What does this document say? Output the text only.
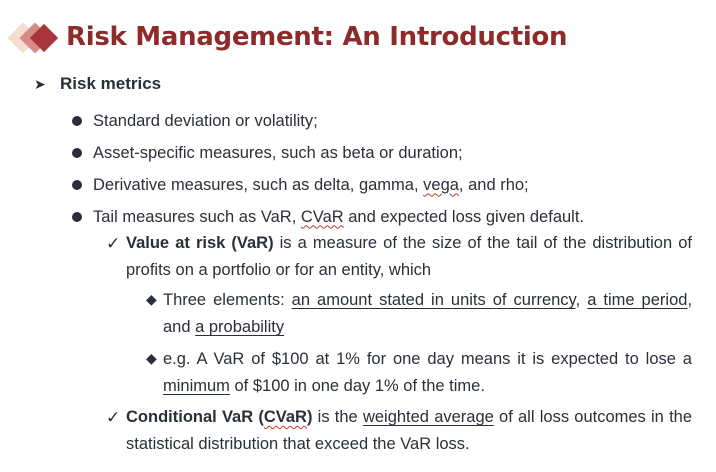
Risk Management: An Introduction
➤ Risk metrics
Standard deviation or volatility;
Asset-specific measures, such as beta or duration;
Derivative measures, such as delta, gamma, vega, and rho;
Tail measures such as VaR, CVaR and expected loss given default.
✓ Value at risk (VaR) is a measure of the size of the tail of the distribution of profits on a portfolio or for an entity, which
◆ Three elements: an amount stated in units of currency, a time period, and a probability
◆ e.g. A VaR of $100 at 1% for one day means it is expected to lose a minimum of $100 in one day 1% of the time.
✓ Conditional VaR (CVaR) is the weighted average of all loss outcomes in the statistical distribution that exceed the VaR loss.
